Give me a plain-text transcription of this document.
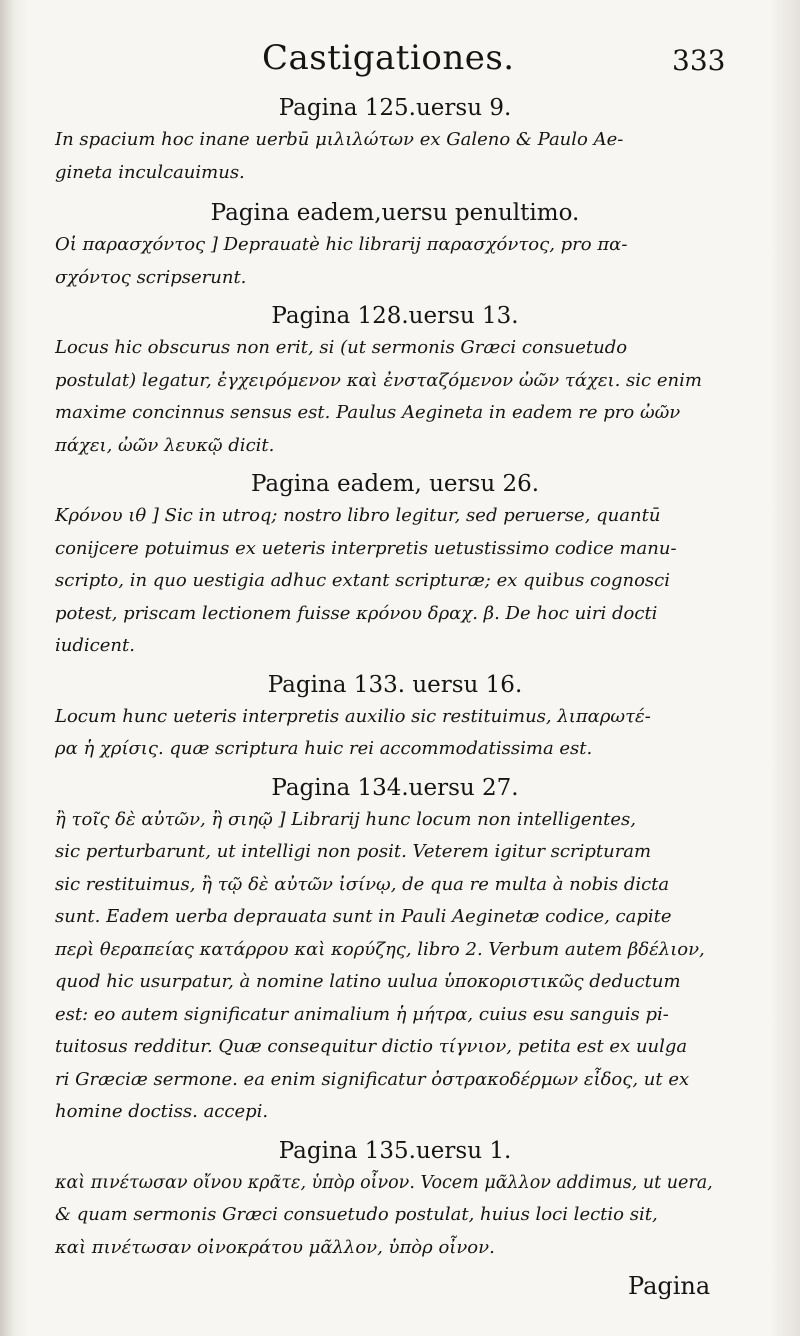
Castigationes.	333
Pagina 125.uersu 9.

In spacium hoc inane uerbū μιλιλώτων ex Galeno & Paulo Ae-
gineta inculcauimus.

Pagina eadem,uersu penultimo.

Οἱ παρασχόντος ] Deprauatè hic librarij παρασχόντος, pro πα-
σχόντος scripserunt.

Pagina 128.uersu 13.

Locus hic obscurus non erit, si (ut sermonis Græci consuetudo
postulat) legatur, ἐγχειρόμενον καὶ ἐνσταζόμενον ὠῶν τάχει. sic enim
maxime concinnus sensus est. Paulus Aegineta in eadem re pro ὠῶν
πάχει, ὠῶν λευκῷ dicit.

Pagina eadem, uersu 26.

Κρόνου ιθ ] Sic in utroq; nostro libro legitur, sed peruerse, quantū
conijcere potuimus ex ueteris interpretis uetustissimo codice manu-
scripto, in quo uestigia adhuc extant scripturæ; ex quibus cognosci
potest, priscam lectionem fuisse κρόνου δραχ. β. De hoc uiri docti
iudicent.

Pagina 133. uersu 16.

Locum hunc ueteris interpretis auxilio sic restituimus, λιπαρωτέ-
ρα ἡ χρίσις. quæ scriptura huic rei accommodatissima est.

Pagina 134.uersu 27.

ἢ τοῖς δὲ αὐτῶν, ἢ σιηῷ ] Librarij hunc locum non intelligentes,
sic perturbarunt, ut intelligi non posit. Veterem igitur scripturam
sic restituimus, ἢ τῷ δὲ αὐτῶν ἰσίνῳ, de qua re multa à nobis dicta
sunt. Eadem uerba deprauata sunt in Pauli Aeginetæ codice, capite
περὶ θεραπείας κατάρρου καὶ κορύζης, libro 2. Verbum autem βδέλιον,
quod hic usurpatur, à nomine latino uulua ὑποκοριστικῶς deductum
est: eo autem significatur animalium ἡ μήτρα, cuius esu sanguis pi-
tuitosus redditur. Quæ consequitur dictio τίγνιον, petita est ex uulga
ri Græciæ sermone. ea enim significatur ὀστρακοδέρμων εἶδος, ut ex
homine doctiss. accepi.

Pagina 135.uersu 1.

καὶ πινέτωσαν οἴνου κρᾶτε, ὑπὸρ οἶνον. Vocem μᾶλλον addimus, ut uera,
& quam sermonis Græci consuetudo postulat, huius loci lectio sit,
καὶ πινέτωσαν οἰνοκράτου μᾶλλον, ὑπὸρ οἶνον.

Pagina
